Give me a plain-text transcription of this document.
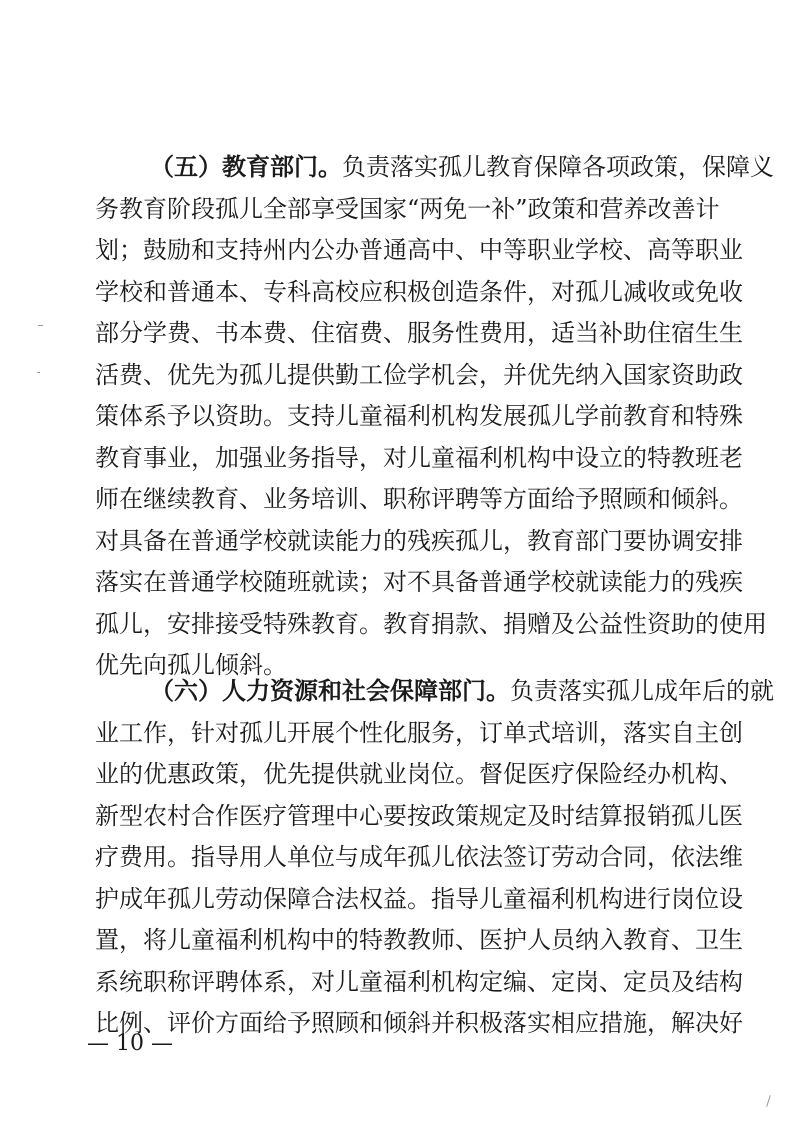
（五）教育部门。负责落实孤儿教育保障各项政策，保障义
务教育阶段孤儿全部享受国家“两免一补”政策和营养改善计
划；鼓励和支持州内公办普通高中、中等职业学校、高等职业
学校和普通本、专科高校应积极创造条件，对孤儿减收或免收
部分学费、书本费、住宿费、服务性费用，适当补助住宿生生
活费、优先为孤儿提供勤工俭学机会，并优先纳入国家资助政
策体系予以资助。支持儿童福利机构发展孤儿学前教育和特殊
教育事业，加强业务指导，对儿童福利机构中设立的特教班老
师在继续教育、业务培训、职称评聘等方面给予照顾和倾斜。
对具备在普通学校就读能力的残疾孤儿，教育部门要协调安排
落实在普通学校随班就读；对不具备普通学校就读能力的残疾
孤儿，安排接受特殊教育。教育捐款、捐赠及公益性资助的使用
优先向孤儿倾斜。
（六）人力资源和社会保障部门。负责落实孤儿成年后的就
业工作，针对孤儿开展个性化服务，订单式培训，落实自主创
业的优惠政策，优先提供就业岗位。督促医疗保险经办机构、
新型农村合作医疗管理中心要按政策规定及时结算报销孤儿医
疗费用。指导用人单位与成年孤儿依法签订劳动合同，依法维
护成年孤儿劳动保障合法权益。指导儿童福利机构进行岗位设
置，将儿童福利机构中的特教教师、医护人员纳入教育、卫生
系统职称评聘体系，对儿童福利机构定编、定岗、定员及结构
比例、评价方面给予照顾和倾斜并积极落实相应措施，解决好
— 10 —
